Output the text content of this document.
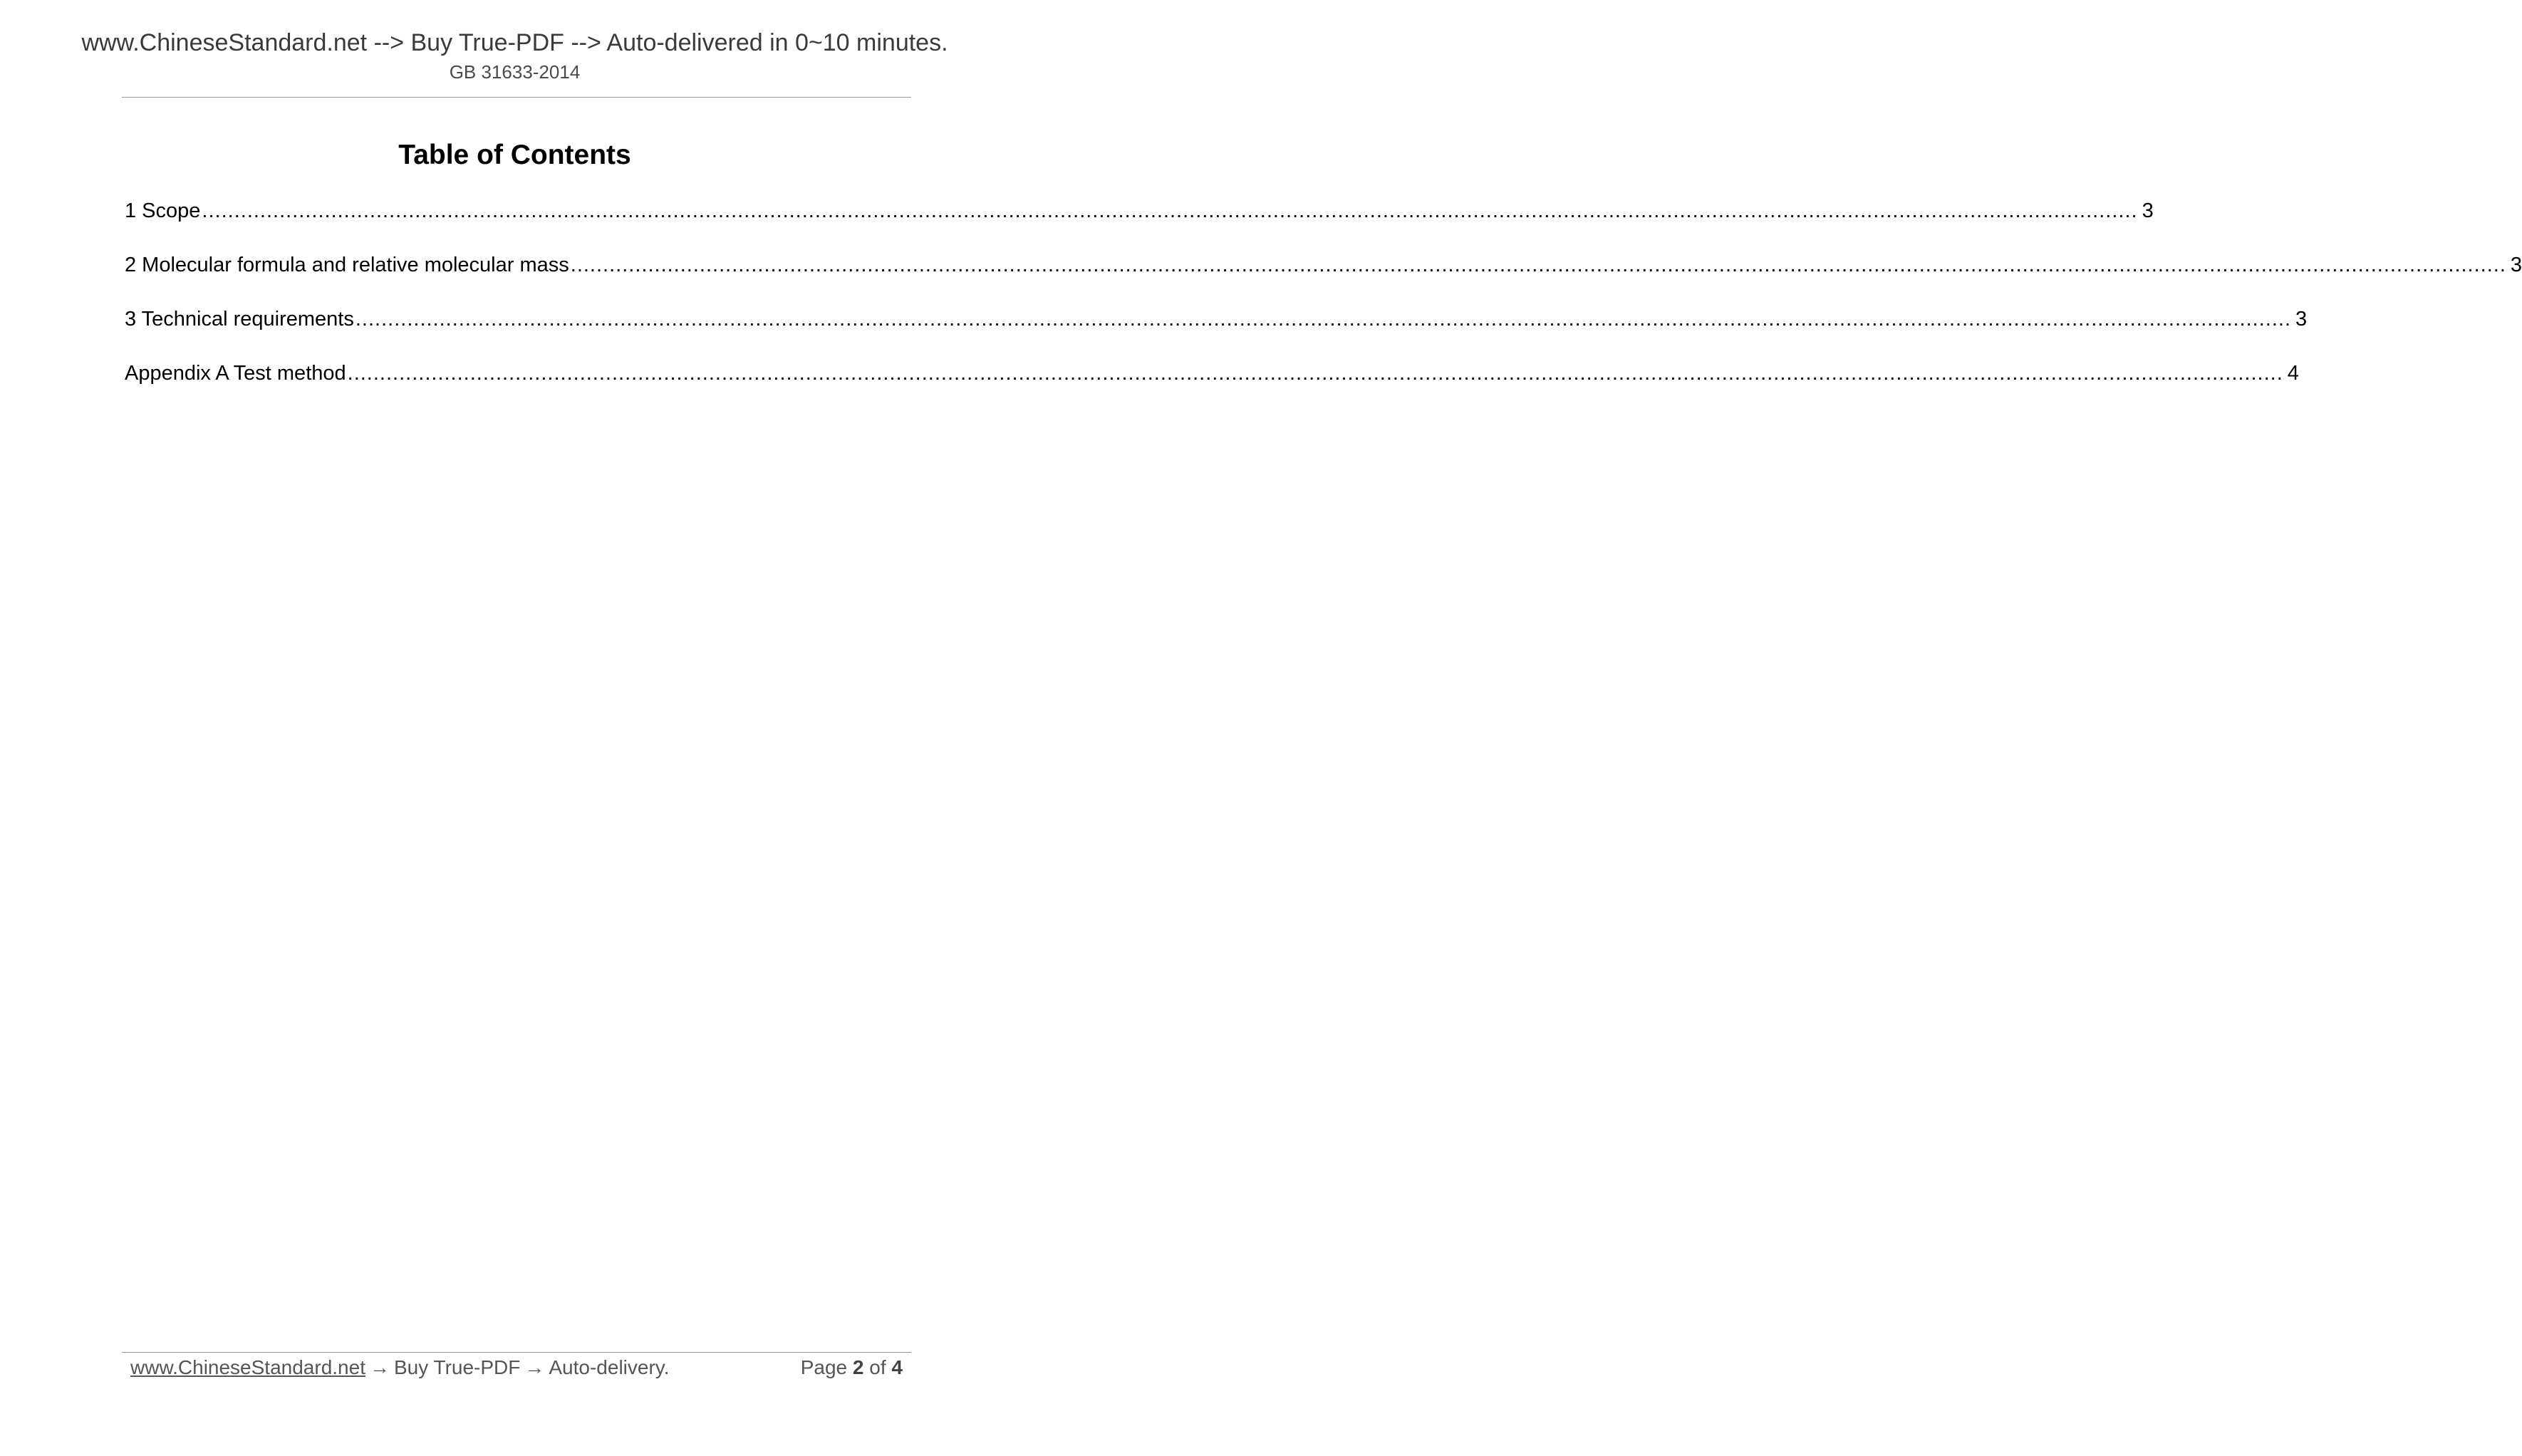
www.ChineseStandard.net --> Buy True-PDF --> Auto-delivered in 0~10 minutes.
GB 31633-2014
Table of Contents
1 Scope ............................................................................................................................................................................................................................................................................................................ 3
2 Molecular formula and relative molecular mass ............................................................................................................................................................................................................................................................................................................ 3
3 Technical requirements ............................................................................................................................................................................................................................................................................................................ 3
Appendix A Test method ............................................................................................................................................................................................................................................................................................................ 4
www.ChineseStandard.net → Buy True-PDF → Auto-delivery.	Page 2 of 4
